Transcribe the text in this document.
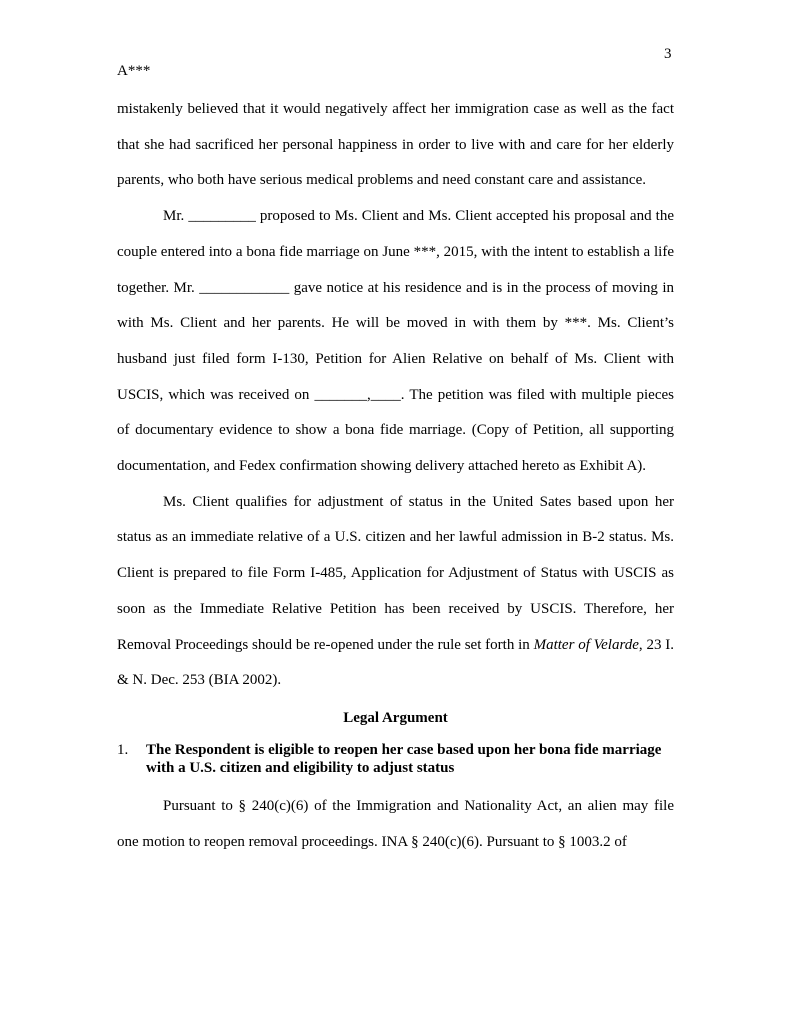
3
A***

mistakenly believed that it would negatively affect her immigration case as well as the fact that she had sacrificed her personal happiness in order to live with and care for her elderly parents, who both have serious medical problems and need constant care and assistance.

Mr. _________ proposed to Ms. Client and Ms. Client accepted his proposal and the couple entered into a bona fide marriage on June ***, 2015, with the intent to establish a life together. Mr. ____________ gave notice at his residence and is in the process of moving in with Ms. Client and her parents. He will be moved in with them by ***. Ms. Client’s husband just filed form I-130, Petition for Alien Relative on behalf of Ms. Client with USCIS, which was received on _______,____. The petition was filed with multiple pieces of documentary evidence to show a bona fide marriage. (Copy of Petition, all supporting documentation, and Fedex confirmation showing delivery attached hereto as Exhibit A).

Ms. Client qualifies for adjustment of status in the United Sates based upon her status as an immediate relative of a U.S. citizen and her lawful admission in B-2 status. Ms. Client is prepared to file Form I-485, Application for Adjustment of Status with USCIS as soon as the Immediate Relative Petition has been received by USCIS. Therefore, her Removal Proceedings should be re-opened under the rule set forth in Matter of Velarde, 23 I. & N. Dec. 253 (BIA 2002).

Legal Argument
1.	The Respondent is eligible to reopen her case based upon her bona fide marriage with a U.S. citizen and eligibility to adjust status

Pursuant to § 240(c)(6) of the Immigration and Nationality Act, an alien may file one motion to reopen removal proceedings. INA § 240(c)(6). Pursuant to § 1003.2 of
